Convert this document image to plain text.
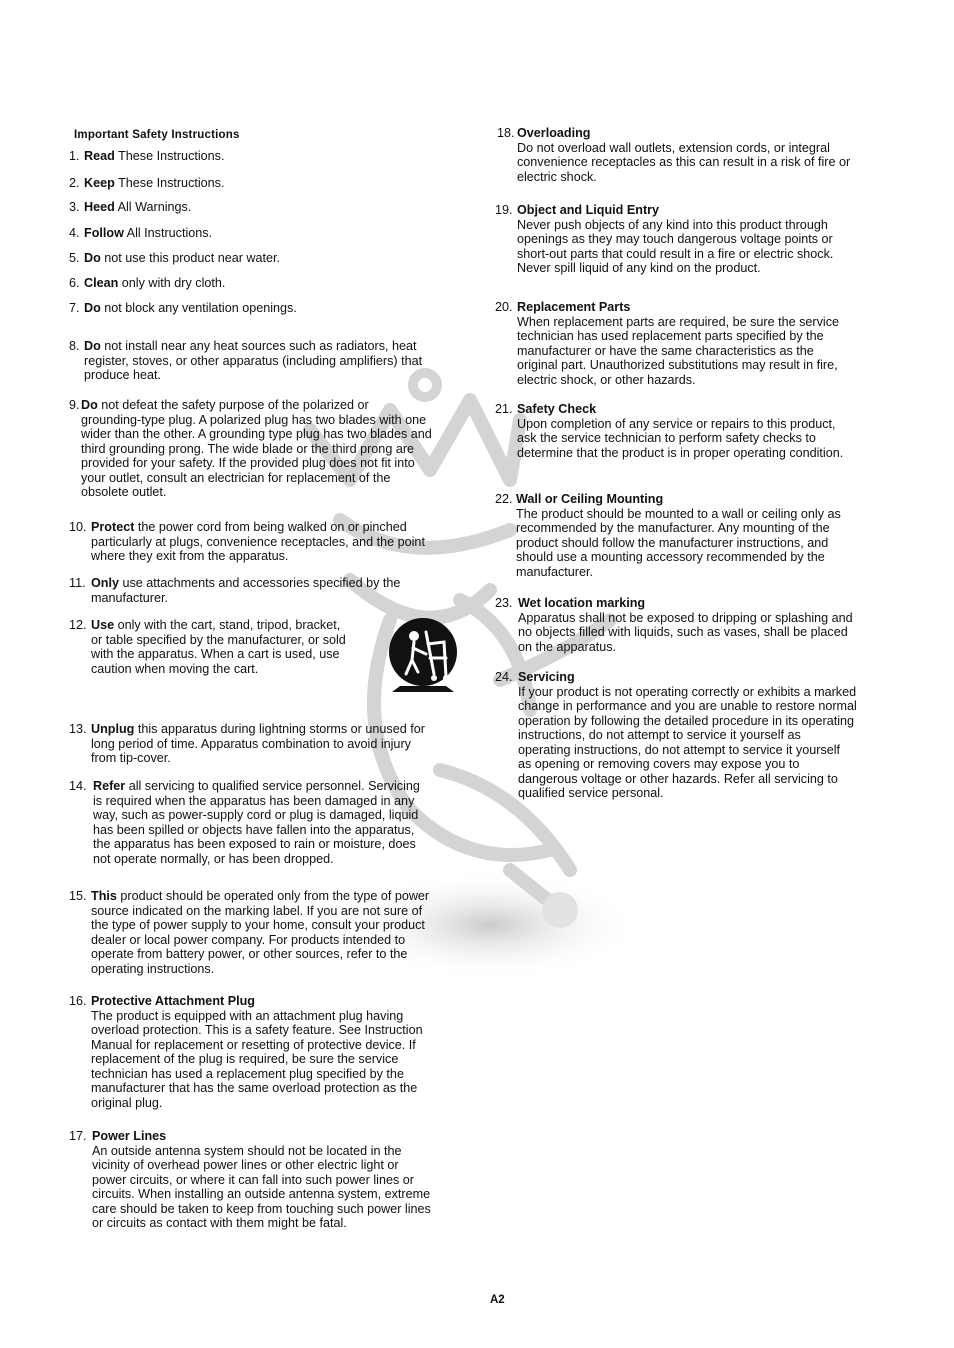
Important Safety Instructions
1. Read These Instructions.
2. Keep These Instructions.
3. Heed All Warnings.
4. Follow All Instructions.
5. Do not use this product near water.
6. Clean only with dry cloth.
7. Do not block any ventilation openings.
8. Do not install near any heat sources such as radiators, heat
register, stoves, or other apparatus (including amplifiers) that
produce heat.
9. Do not defeat the safety purpose of the polarized or
grounding-type plug. A polarized plug has two blades with one
wider than the other. A grounding type plug has two blades and
third grounding prong. The wide blade or the third prong are
provided for your safety. If the provided plug does not fit into
your outlet, consult an electrician for replacement of the
obsolete outlet.
10. Protect the power cord from being walked on or pinched
particularly at plugs, convenience receptacles, and the point
where they exit from the apparatus.
11. Only use attachments and accessories specified by the
manufacturer.
12. Use only with the cart, stand, tripod, bracket,
or table specified by the manufacturer, or sold
with the apparatus. When a cart is used, use
caution when moving the cart.
13. Unplug this apparatus during lightning storms or unused for
long period of time. Apparatus combination to avoid injury
from tip-cover.
14. Refer all servicing to qualified service personnel. Servicing
is required when the apparatus has been damaged in any
way, such as power-supply cord or plug is damaged, liquid
has been spilled or objects have fallen into the apparatus,
the apparatus has been exposed to rain or moisture, does
not operate normally, or has been dropped.
15. This product should be operated only from the type of power
source indicated on the marking label. If you are not sure of
the type of power supply to your home, consult your product
dealer or local power company. For products intended to
operate from battery power, or other sources, refer to the
operating instructions.
16. Protective Attachment Plug
The product is equipped with an attachment plug having
overload protection. This is a safety feature. See Instruction
Manual for replacement or resetting of protective device. If
replacement of the plug is required, be sure the service
technician has used a replacement plug specified by the
manufacturer that has the same overload protection as the
original plug.
17. Power Lines
An outside antenna system should not be located in the
vicinity of overhead power lines or other electric light or
power circuits, or where it can fall into such power lines or
circuits. When installing an outside antenna system, extreme
care should be taken to keep from touching such power lines
or circuits as contact with them might be fatal.
18. Overloading
Do not overload wall outlets, extension cords, or integral
convenience receptacles as this can result in a risk of fire or
electric shock.
19. Object and Liquid Entry
Never push objects of any kind into this product through
openings as they may touch dangerous voltage points or
short-out parts that could result in a fire or electric shock.
Never spill liquid of any kind on the product.
20. Replacement Parts
When replacement parts are required, be sure the service
technician has used replacement parts specified by the
manufacturer or have the same characteristics as the
original part. Unauthorized substitutions may result in fire,
electric shock, or other hazards.
21. Safety Check
Upon completion of any service or repairs to this product,
ask the service technician to perform safety checks to
determine that the product is in proper operating condition.
22. Wall or Ceiling Mounting
The product should be mounted to a wall or ceiling only as
recommended by the manufacturer. Any mounting of the
product should follow the manufacturer instructions, and
should use a mounting accessory recommended by the
manufacturer.
23. Wet location marking
Apparatus shall not be exposed to dripping or splashing and
no objects filled with liquids, such as vases, shall be placed
on the apparatus.
24. Servicing
If your product is not operating correctly or exhibits a marked
change in performance and you are unable to restore normal
operation by following the detailed procedure in its operating
instructions, do not attempt to service it yourself as
operating instructions, do not attempt to service it yourself
as opening or removing covers may expose you to
dangerous voltage or other hazards. Refer all servicing to
qualified service personal.
A2
